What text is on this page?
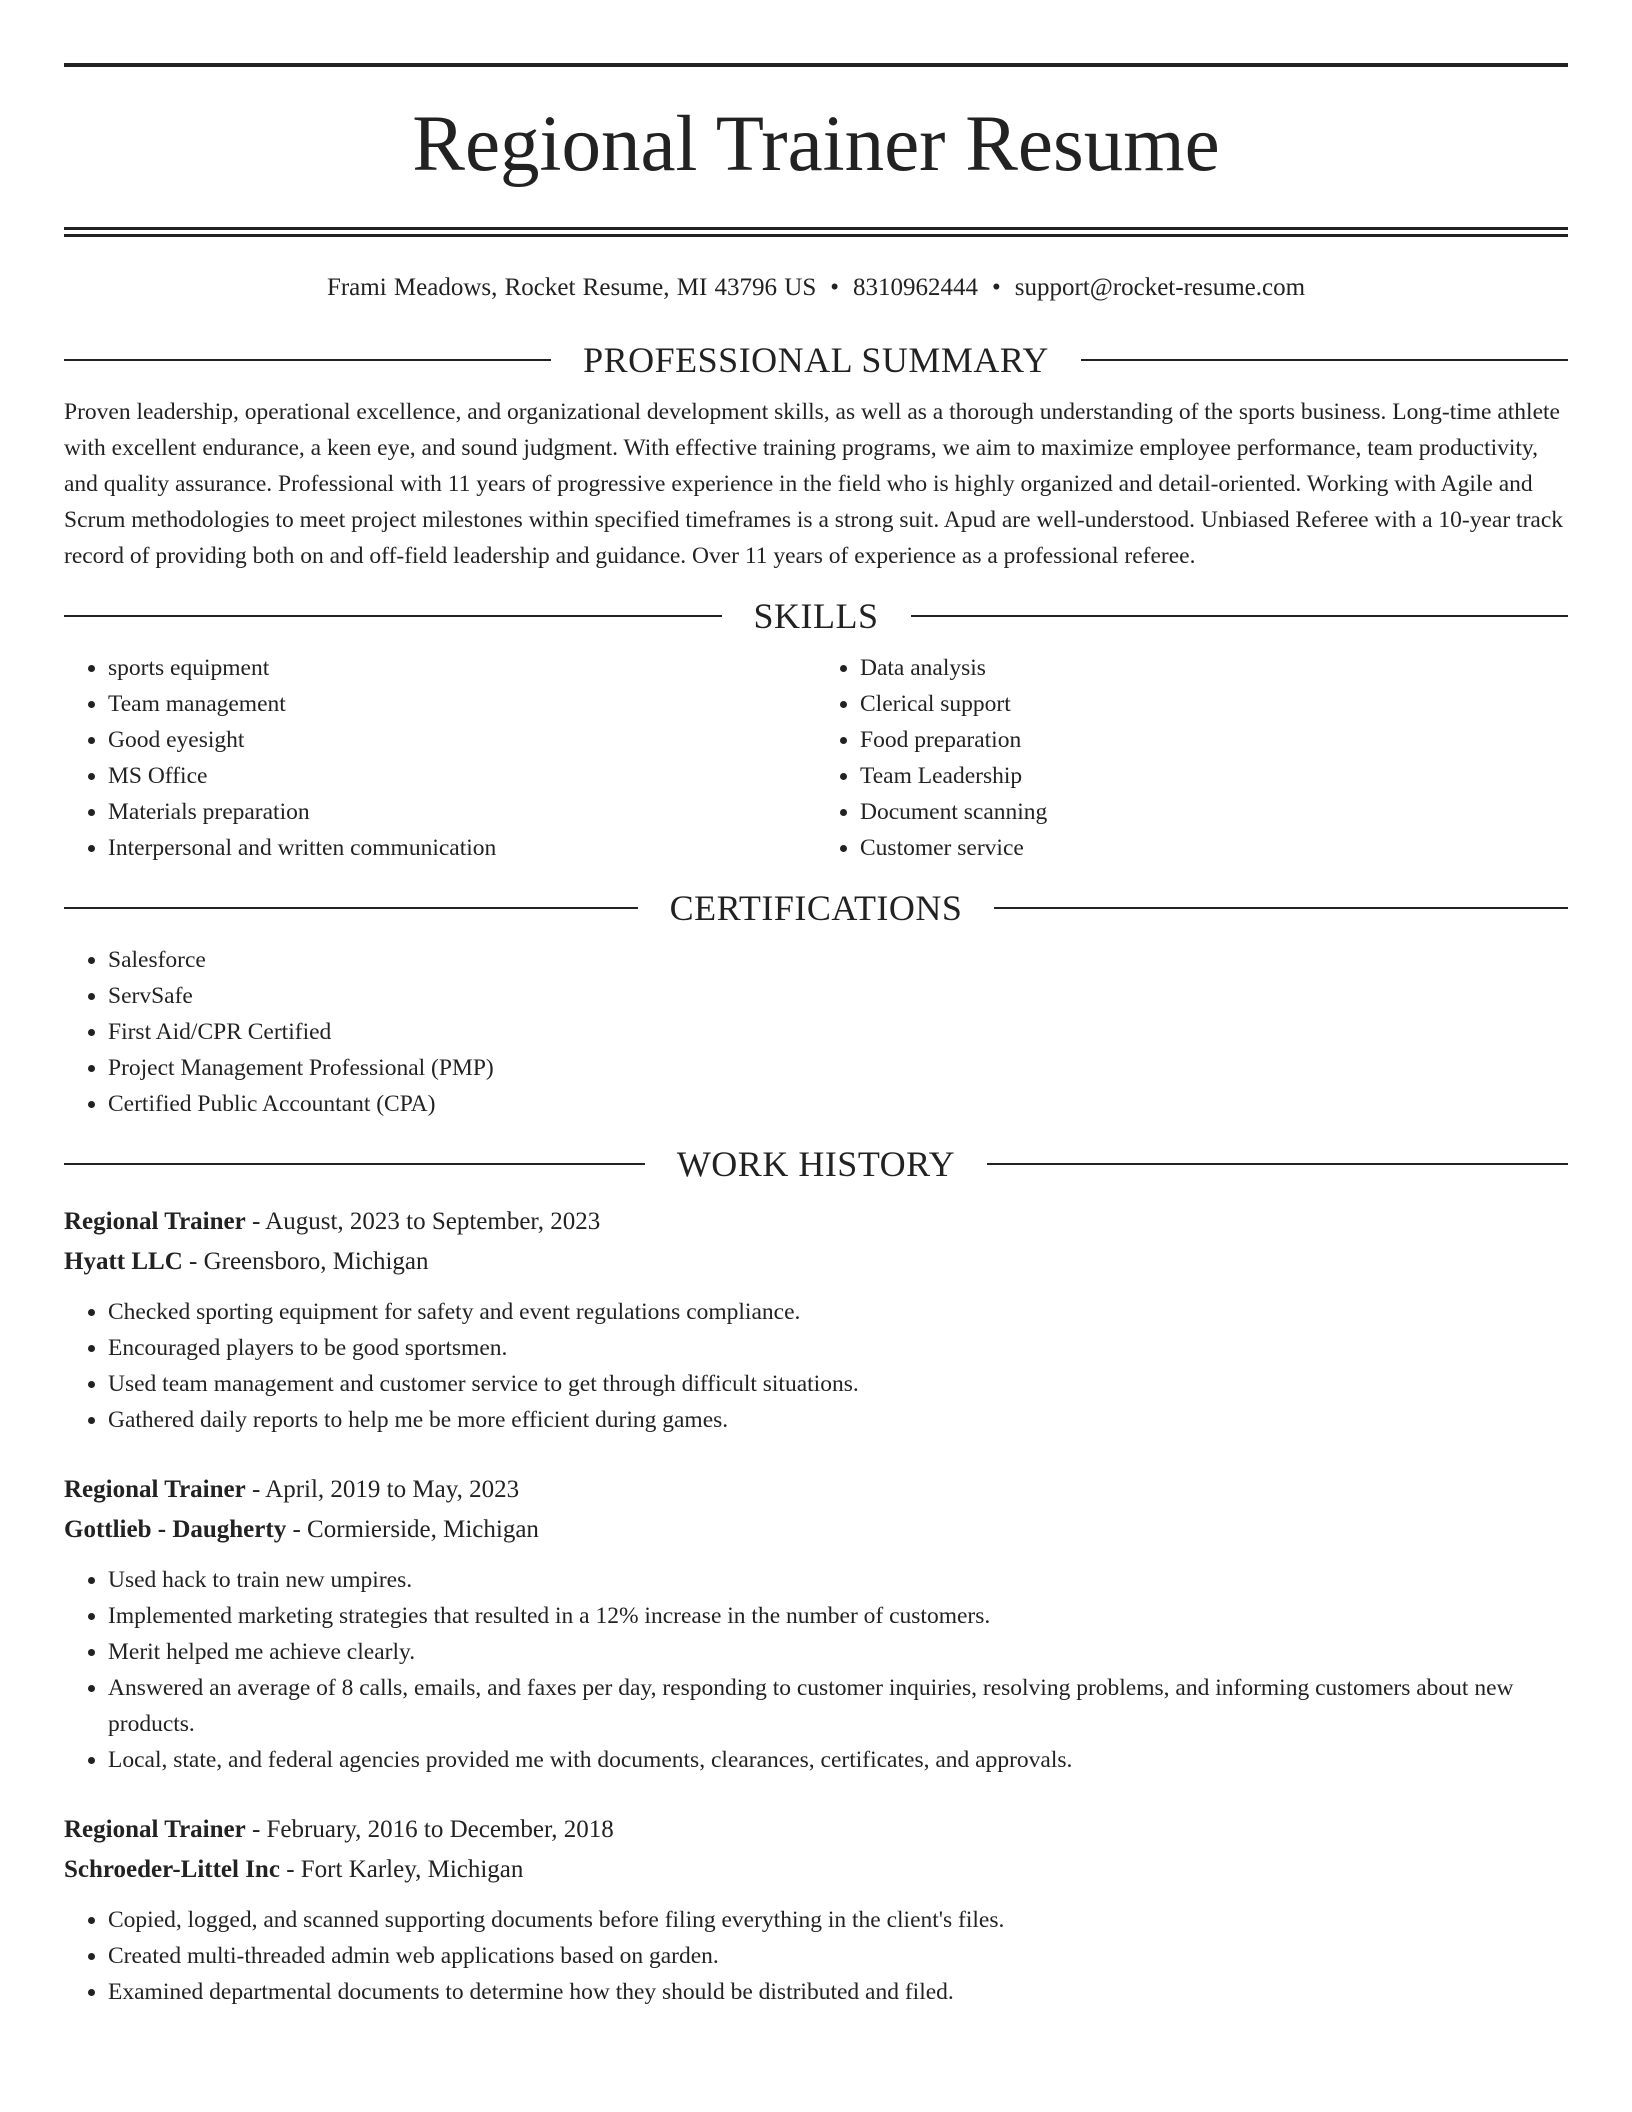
Regional Trainer Resume
Frami Meadows, Rocket Resume, MI 43796 US • 8310962444 • support@rocket-resume.com
PROFESSIONAL SUMMARY

Proven leadership, operational excellence, and organizational development skills, as well as a thorough understanding of the sports business. Long-time athlete with excellent endurance, a keen eye, and sound judgment. With effective training programs, we aim to maximize employee performance, team productivity, and quality assurance. Professional with 11 years of progressive experience in the field who is highly organized and detail-oriented. Working with Agile and Scrum methodologies to meet project milestones within specified timeframes is a strong suit. Apud are well-understood. Unbiased Referee with a 10-year track record of providing both on and off-field leadership and guidance. Over 11 years of experience as a professional referee.

SKILLS
• sports equipment
• Team management
• Good eyesight
• MS Office
• Materials preparation
• Interpersonal and written communication
• Data analysis
• Clerical support
• Food preparation
• Team Leadership
• Document scanning
• Customer service
CERTIFICATIONS
• Salesforce
• ServSafe
• First Aid/CPR Certified
• Project Management Professional (PMP)
• Certified Public Accountant (CPA)
WORK HISTORY
Regional Trainer - August, 2023 to September, 2023
Hyatt LLC - Greensboro, Michigan
• Checked sporting equipment for safety and event regulations compliance.
• Encouraged players to be good sportsmen.
• Used team management and customer service to get through difficult situations.
• Gathered daily reports to help me be more efficient during games.
Regional Trainer - April, 2019 to May, 2023
Gottlieb - Daugherty - Cormierside, Michigan
• Used hack to train new umpires.
• Implemented marketing strategies that resulted in a 12% increase in the number of customers.
• Merit helped me achieve clearly.
• Answered an average of 8 calls, emails, and faxes per day, responding to customer inquiries, resolving problems, and informing customers about new products.
• Local, state, and federal agencies provided me with documents, clearances, certificates, and approvals.
Regional Trainer - February, 2016 to December, 2018
Schroeder-Littel Inc - Fort Karley, Michigan
• Copied, logged, and scanned supporting documents before filing everything in the client's files.
• Created multi-threaded admin web applications based on garden.
• Examined departmental documents to determine how they should be distributed and filed.
